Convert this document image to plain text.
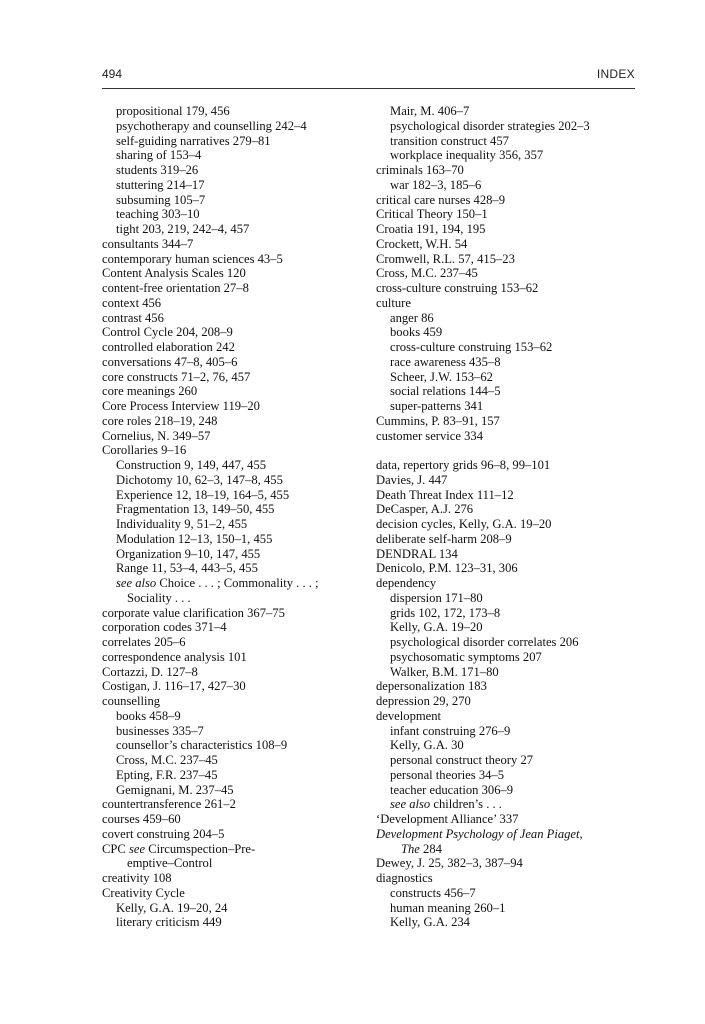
494	INDEX
propositional 179, 456
psychotherapy and counselling 242–4
self-guiding narratives 279–81
sharing of 153–4
students 319–26
stuttering 214–17
subsuming 105–7
teaching 303–10
tight 203, 219, 242–4, 457
consultants 344–7
contemporary human sciences 43–5
Content Analysis Scales 120
content-free orientation 27–8
context 456
contrast 456
Control Cycle 204, 208–9
controlled elaboration 242
conversations 47–8, 405–6
core constructs 71–2, 76, 457
core meanings 260
Core Process Interview 119–20
core roles 218–19, 248
Cornelius, N. 349–57
Corollaries 9–16
Construction 9, 149, 447, 455
Dichotomy 10, 62–3, 147–8, 455
Experience 12, 18–19, 164–5, 455
Fragmentation 13, 149–50, 455
Individuality 9, 51–2, 455
Modulation 12–13, 150–1, 455
Organization 9–10, 147, 455
Range 11, 53–4, 443–5, 455
see also Choice . . . ; Commonality . . . ;
Sociality . . .
corporate value clarification 367–75
corporation codes 371–4
correlates 205–6
correspondence analysis 101
Cortazzi, D. 127–8
Costigan, J. 116–17, 427–30
counselling
books 458–9
businesses 335–7
counsellor’s characteristics 108–9
Cross, M.C. 237–45
Epting, F.R. 237–45
Gemignani, M. 237–45
countertransference 261–2
courses 459–60
covert construing 204–5
CPC see Circumspection–Pre-
emptive–Control
creativity 108
Creativity Cycle
Kelly, G.A. 19–20, 24
literary criticism 449
Mair, M. 406–7
psychological disorder strategies 202–3
transition construct 457
workplace inequality 356, 357
criminals 163–70
war 182–3, 185–6
critical care nurses 428–9
Critical Theory 150–1
Croatia 191, 194, 195
Crockett, W.H. 54
Cromwell, R.L. 57, 415–23
Cross, M.C. 237–45
cross-culture construing 153–62
culture
anger 86
books 459
cross-culture construing 153–62
race awareness 435–8
Scheer, J.W. 153–62
social relations 144–5
super-patterns 341
Cummins, P. 83–91, 157
customer service 334
data, repertory grids 96–8, 99–101
Davies, J. 447
Death Threat Index 111–12
DeCasper, A.J. 276
decision cycles, Kelly, G.A. 19–20
deliberate self-harm 208–9
DENDRAL 134
Denicolo, P.M. 123–31, 306
dependency
dispersion 171–80
grids 102, 172, 173–8
Kelly, G.A. 19–20
psychological disorder correlates 206
psychosomatic symptoms 207
Walker, B.M. 171–80
depersonalization 183
depression 29, 270
development
infant construing 276–9
Kelly, G.A. 30
personal construct theory 27
personal theories 34–5
teacher education 306–9
see also children’s . . .
‘Development Alliance’ 337
Development Psychology of Jean Piaget,
The 284
Dewey, J. 25, 382–3, 387–94
diagnostics
constructs 456–7
human meaning 260–1
Kelly, G.A. 234
